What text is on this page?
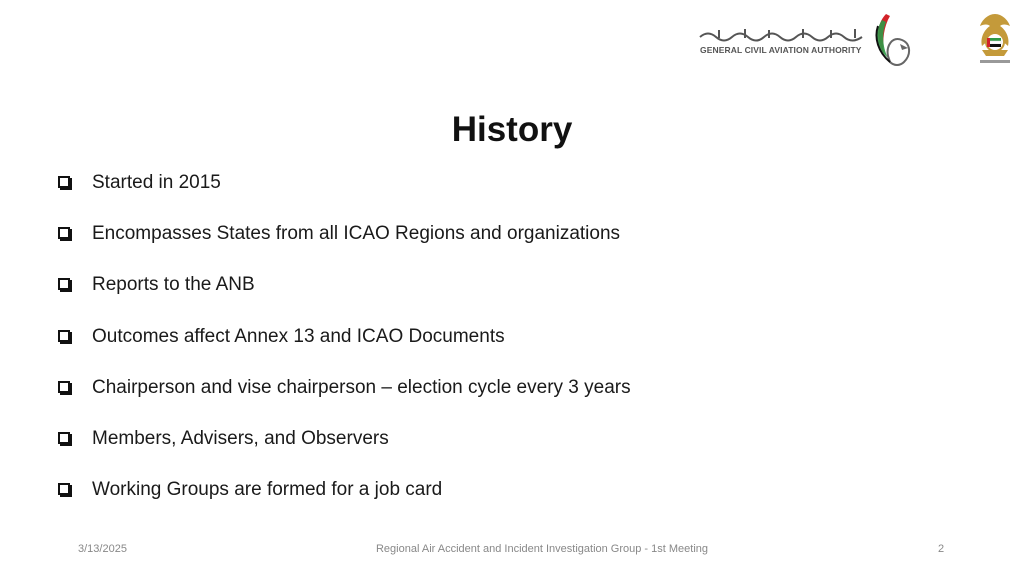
GENERAL CIVIL AVIATION AUTHORITY
History
Started in 2015
Encompasses States from all ICAO Regions and organizations
Reports to the ANB
Outcomes affect Annex 13 and ICAO Documents
Chairperson and vise chairperson – election cycle every 3 years
Members, Advisers, and Observers
Working Groups are formed for a job card
3/13/2025	Regional Air Accident and Incident Investigation Group - 1st Meeting	2
